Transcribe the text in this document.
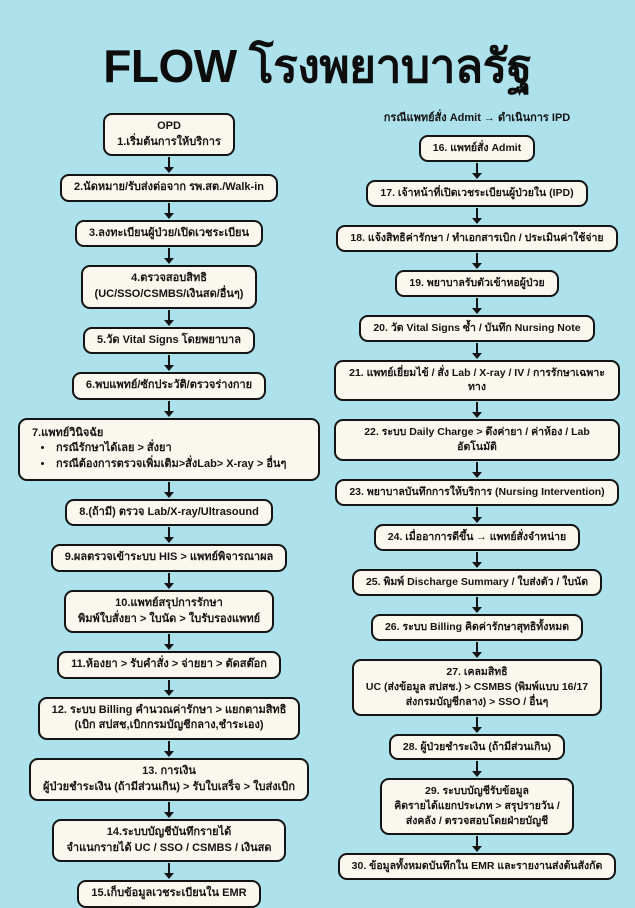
FLOW โรงพยาบาลรัฐ
OPD
1.เริ่มต้นการให้บริการ
2.นัดหมาย/รับส่งต่อจาก รพ.สต./Walk-in
3.ลงทะเบียนผู้ป่วย/เปิดเวชระเบียน
4.ตรวจสอบสิทธิ
(UC/SSO/CSMBS/เงินสด/อื่นๆ)
5.วัด Vital Signs โดยพยาบาล
6.พบแพทย์/ซักประวัติ/ตรวจร่างกาย
7.แพทย์วินิจฉัย
• กรณีรักษาได้เลย > สั่งยา
• กรณีต้องการตรวจเพิ่มเติม>สั่งLab> X-ray > อื่นๆ
8.(ถ้ามี) ตรวจ Lab/X-ray/Ultrasound
9.ผลตรวจเข้าระบบ HIS > แพทย์พิจารณาผล
10.แพทย์สรุปการรักษา
พิมพ์ใบสั่งยา > ใบนัด > ใบรับรองแพทย์
11.ห้องยา > รับคำสั่ง > จ่ายยา > ตัดสต๊อก
12. ระบบ Billing คำนวณค่ารักษา > แยกตามสิทธิ
(เบิก สปสช,เบิกกรมบัญชีกลาง,ชำระเอง)
13. การเงิน
ผู้ป่วยชำระเงิน (ถ้ามีส่วนเกิน) > รับใบเสร็จ > ใบส่งเบิก
14.ระบบบัญชีบันทึกรายได้
จำแนกรายได้ UC / SSO / CSMBS / เงินสด
15.เก็บข้อมูลเวชระเบียนใน EMR
กรณีแพทย์สั่ง Admit → ดำเนินการ IPD
16. แพทย์สั่ง Admit
17. เจ้าหน้าที่เปิดเวชระเบียนผู้ป่วยใน (IPD)
18. แจ้งสิทธิค่ารักษา / ทำเอกสารเบิก / ประเมินค่าใช้จ่าย
19. พยาบาลรับตัวเข้าหอผู้ป่วย
20. วัด Vital Signs ซ้ำ / บันทึก Nursing Note
21. แพทย์เยี่ยมไข้ / สั่ง Lab / X-ray / IV / การรักษาเฉพาะทาง
22. ระบบ Daily Charge > ดึงค่ายา / ค่าห้อง / Lab อัตโนมัติ
23. พยาบาลบันทึกการให้บริการ (Nursing Intervention)
24. เมื่ออาการดีขึ้น → แพทย์สั่งจำหน่าย
25. พิมพ์ Discharge Summary / ใบส่งตัว / ใบนัด
26. ระบบ Billing คิดค่ารักษาสุทธิทั้งหมด
27. เคลมสิทธิ
UC (ส่งข้อมูล สปสช.) > CSMBS (พิมพ์แบบ 16/17
ส่งกรมบัญชีกลาง) > SSO / อื่นๆ
28. ผู้ป่วยชำระเงิน (ถ้ามีส่วนเกิน)
29. ระบบบัญชีรับข้อมูล
คิดรายได้แยกประเภท > สรุปรายวัน /
ส่งคลัง / ตรวจสอบโดยฝ่ายบัญชี
30. ข้อมูลทั้งหมดบันทึกใน EMR และรายงานส่งต้นสังกัด
